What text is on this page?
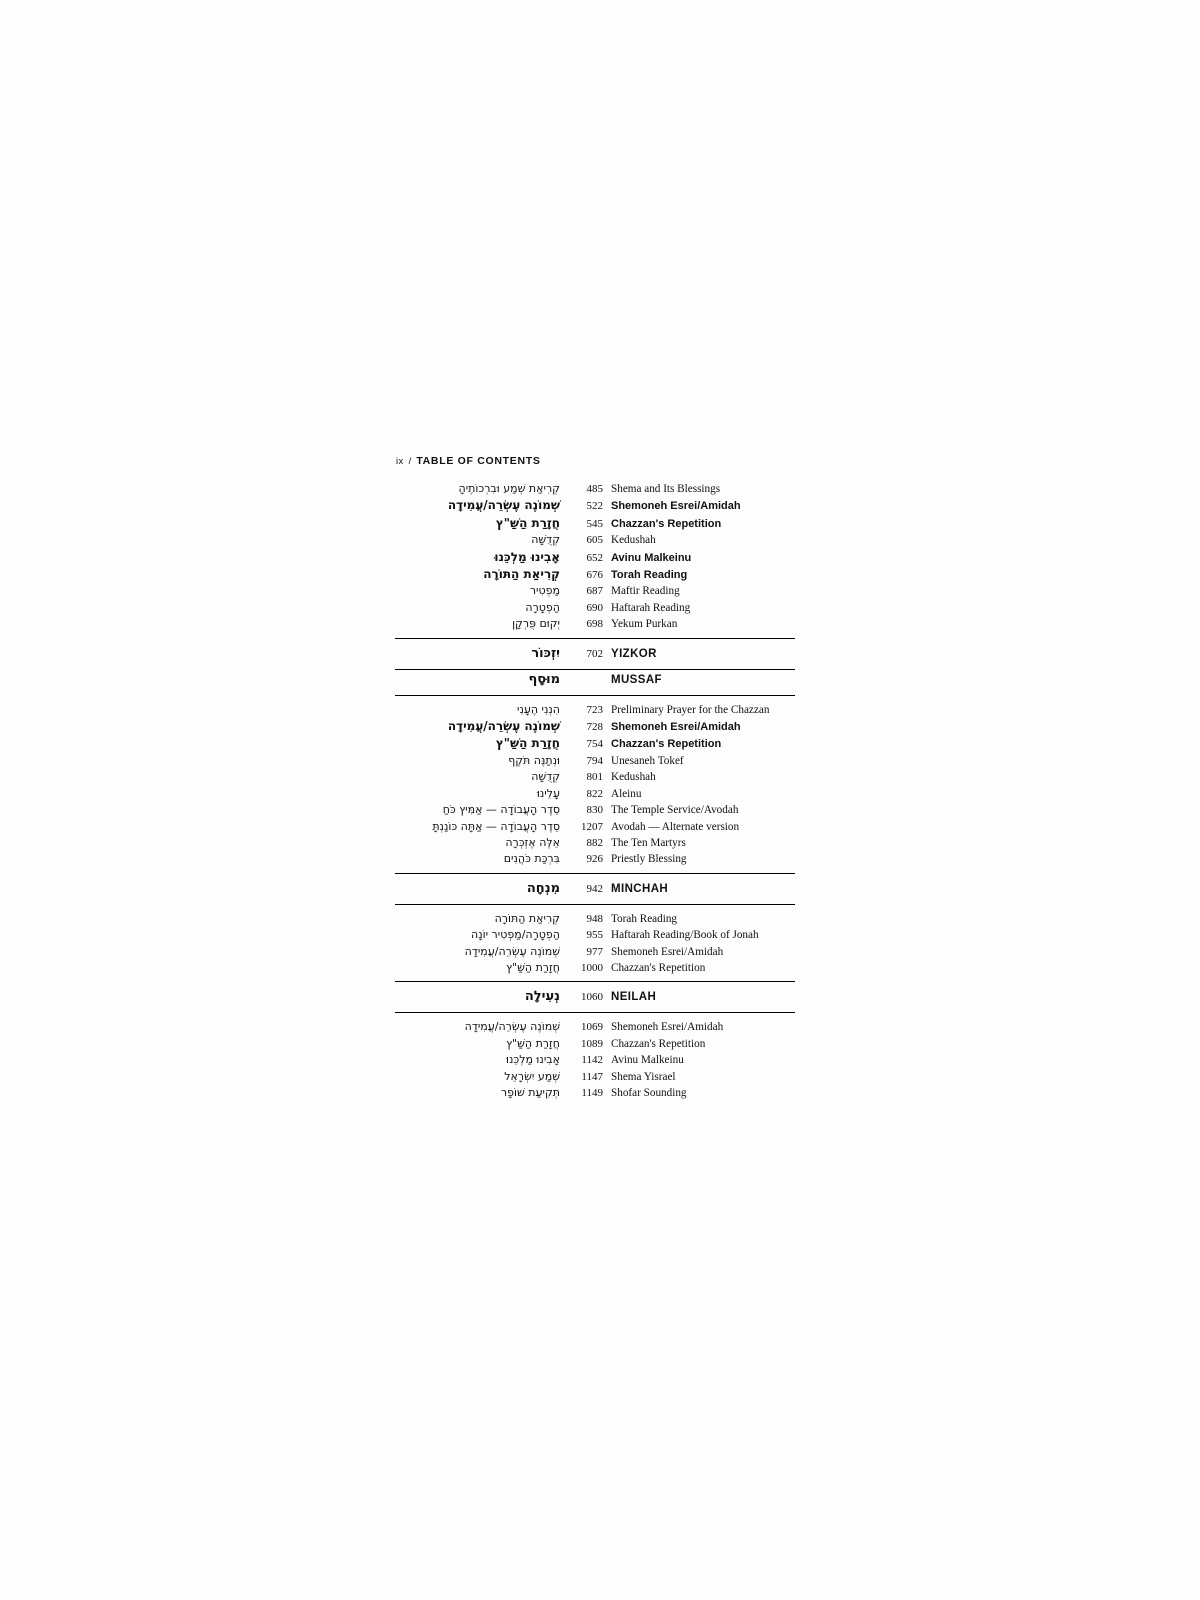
ix / TABLE OF CONTENTS
קְרִיאַת שְׁמַע וּבִרְכוֹתֶיהָ	485 Shema and Its Blessings
שְׁמוֹנֶה עֶשְׂרֵה/עֲמִידָה	522 Shemoneh Esrei/Amidah
חֲזָרַת הַשַּׁ"ץ	545 Chazzan's Repetition
קְדֻשָּׁה	605 Kedushah
אָבִינוּ מַלְכֵּנוּ	652 Avinu Malkeinu
קְרִיאַת הַתּוֹרָה	676 Torah Reading
מַפְטִיר	687 Maftir Reading
הַפְטָרָה	690 Haftarah Reading
יְקוּם פֻּרְקָן	698 Yekum Purkan
יִזְכּוֹר	702 YIZKOR
מוּסָף	MUSSAF
הִנְנִי הֶעָנִי	723 Preliminary Prayer for the Chazzan
שְׁמוֹנֶה עֶשְׂרֵה/עֲמִידָה	728 Shemoneh Esrei/Amidah
חֲזָרַת הַשַּׁ"ץ	754 Chazzan's Repetition
וּנְתַנֶּה תֹּקֶף	794 Unesaneh Tokef
קְדֻשָּׁה	801 Kedushah
עָלֵינוּ	822 Aleinu
סֵדֶר הָעֲבוֹדָה — אַמִּיץ כֹּחַ	830 The Temple Service/Avodah
סֵדֶר הָעֲבוֹדָה — אַתָּה כּוֹנַנְתָּ	1207 Avodah — Alternate version
אֵלֶּה אֶזְכְּרָה	882 The Ten Martyrs
בִּרְכַּת כֹּהֲנִים	926 Priestly Blessing
מִנְחָה	942 MINCHAH
קְרִיאַת הַתּוֹרָה	948 Torah Reading
הַפְטָרָה/מַפְטִיר יוֹנָה	955 Haftarah Reading/Book of Jonah
שְׁמוֹנֶה עֶשְׂרֵה/עֲמִידָה	977 Shemoneh Esrei/Amidah
חֲזָרַת הַשַּׁ"ץ	1000 Chazzan's Repetition
נְעִילָה	1060 NEILAH
שְׁמוֹנֶה עֶשְׂרֵה/עֲמִידָה	1069 Shemoneh Esrei/Amidah
חֲזָרַת הַשַּׁ"ץ	1089 Chazzan's Repetition
אָבִינוּ מַלְכֵּנוּ	1142 Avinu Malkeinu
שְׁמַע יִשְׂרָאֵל	1147 Shema Yisrael
תְּקִיעַת שׁוֹפָר	1149 Shofar Sounding
